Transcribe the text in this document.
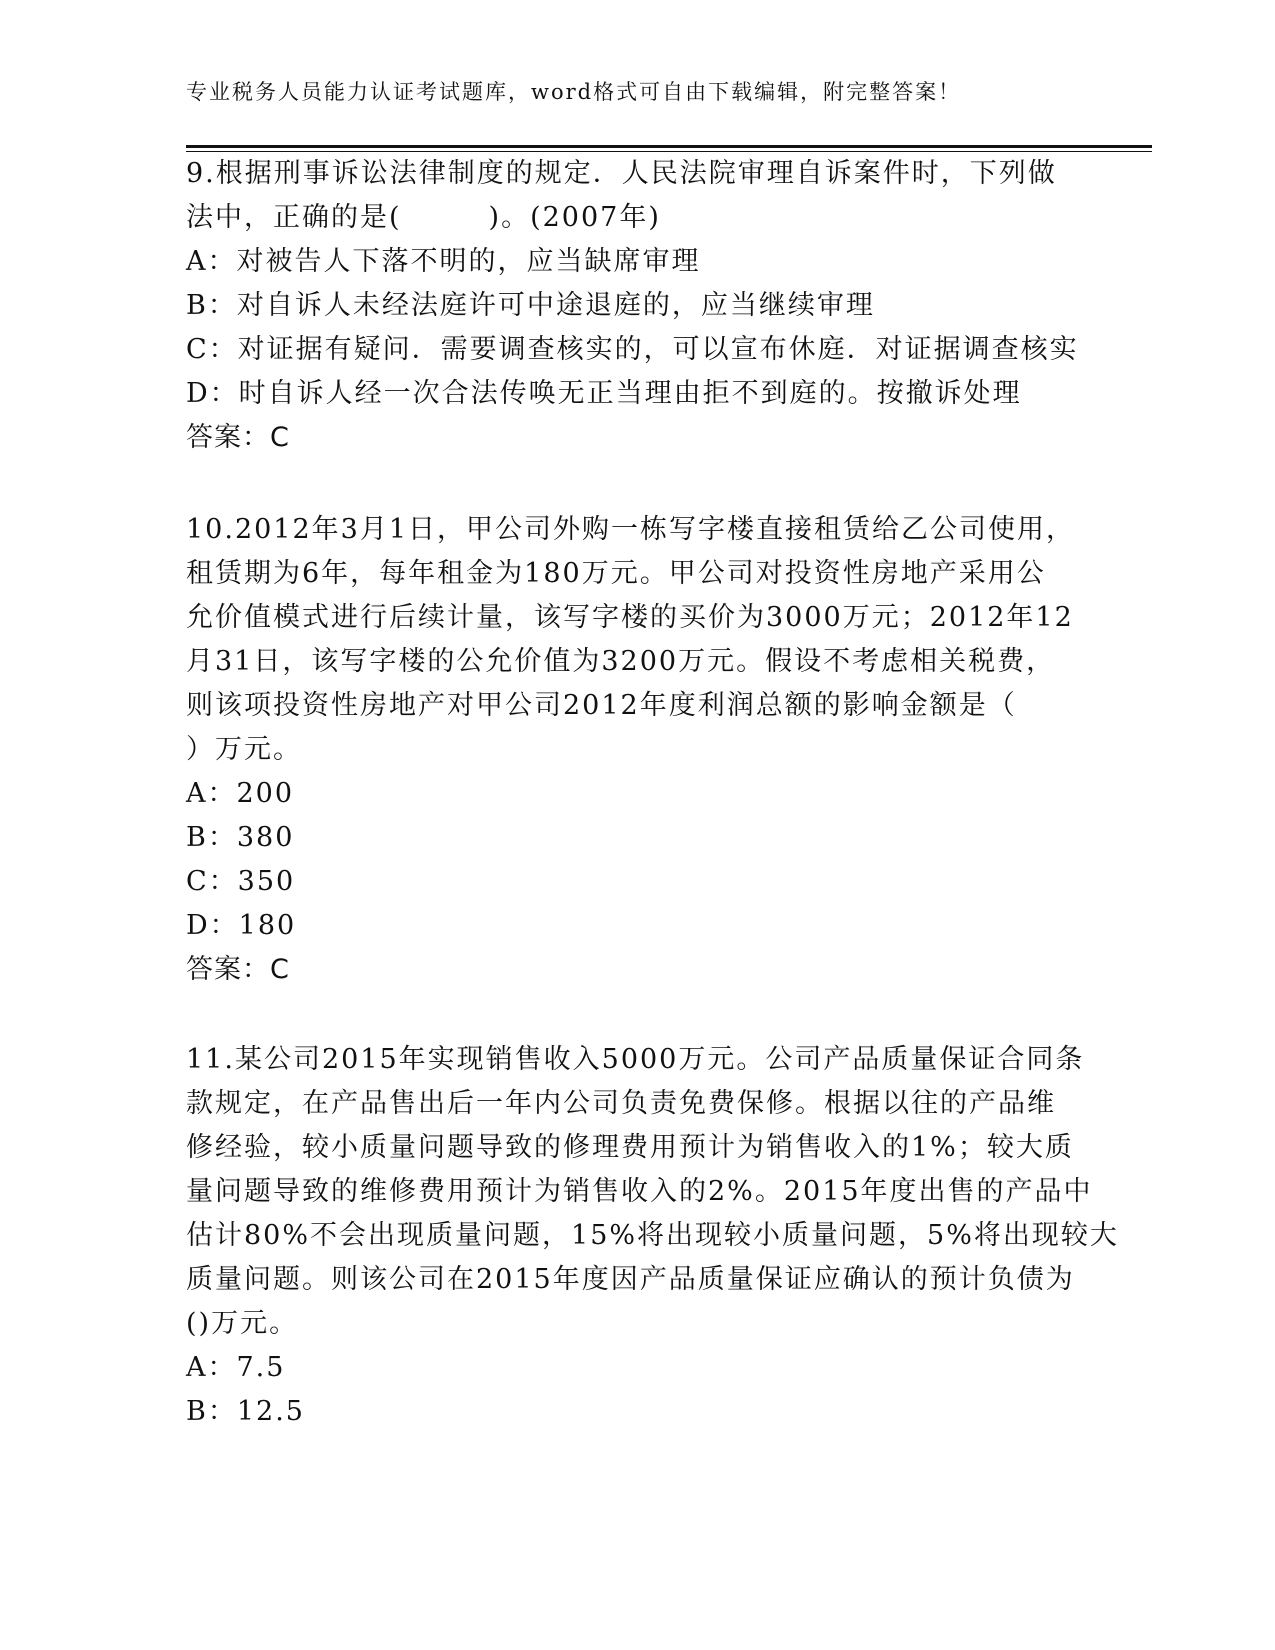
专业税务人员能力认证考试题库，word格式可自由下载编辑，附完整答案！
9.根据刑事诉讼法律制度的规定．人民法院审理自诉案件时，下列做
法中，正确的是(　　　)。(2007年)
A：对被告人下落不明的，应当缺席审理
B：对自诉人未经法庭许可中途退庭的，应当继续审理
C：对证据有疑问．需要调查核实的，可以宣布休庭．对证据调查核实
D：时自诉人经一次合法传唤无正当理由拒不到庭的。按撤诉处理
答案：C
10.2012年3月1日，甲公司外购一栋写字楼直接租赁给乙公司使用，
租赁期为6年，每年租金为180万元。甲公司对投资性房地产采用公
允价值模式进行后续计量，该写字楼的买价为3000万元；2012年12
月31日，该写字楼的公允价值为3200万元。假设不考虑相关税费，
则该项投资性房地产对甲公司2012年度利润总额的影响金额是（
）万元。
A：200
B：380
C：350
D：180
答案：C
11.某公司2015年实现销售收入5000万元。公司产品质量保证合同条
款规定，在产品售出后一年内公司负责免费保修。根据以往的产品维
修经验，较小质量问题导致的修理费用预计为销售收入的1%；较大质
量问题导致的维修费用预计为销售收入的2%。2015年度出售的产品中
估计80%不会出现质量问题，15%将出现较小质量问题，5%将出现较大
质量问题。则该公司在2015年度因产品质量保证应确认的预计负债为
()万元。
A：7.5
B：12.5
